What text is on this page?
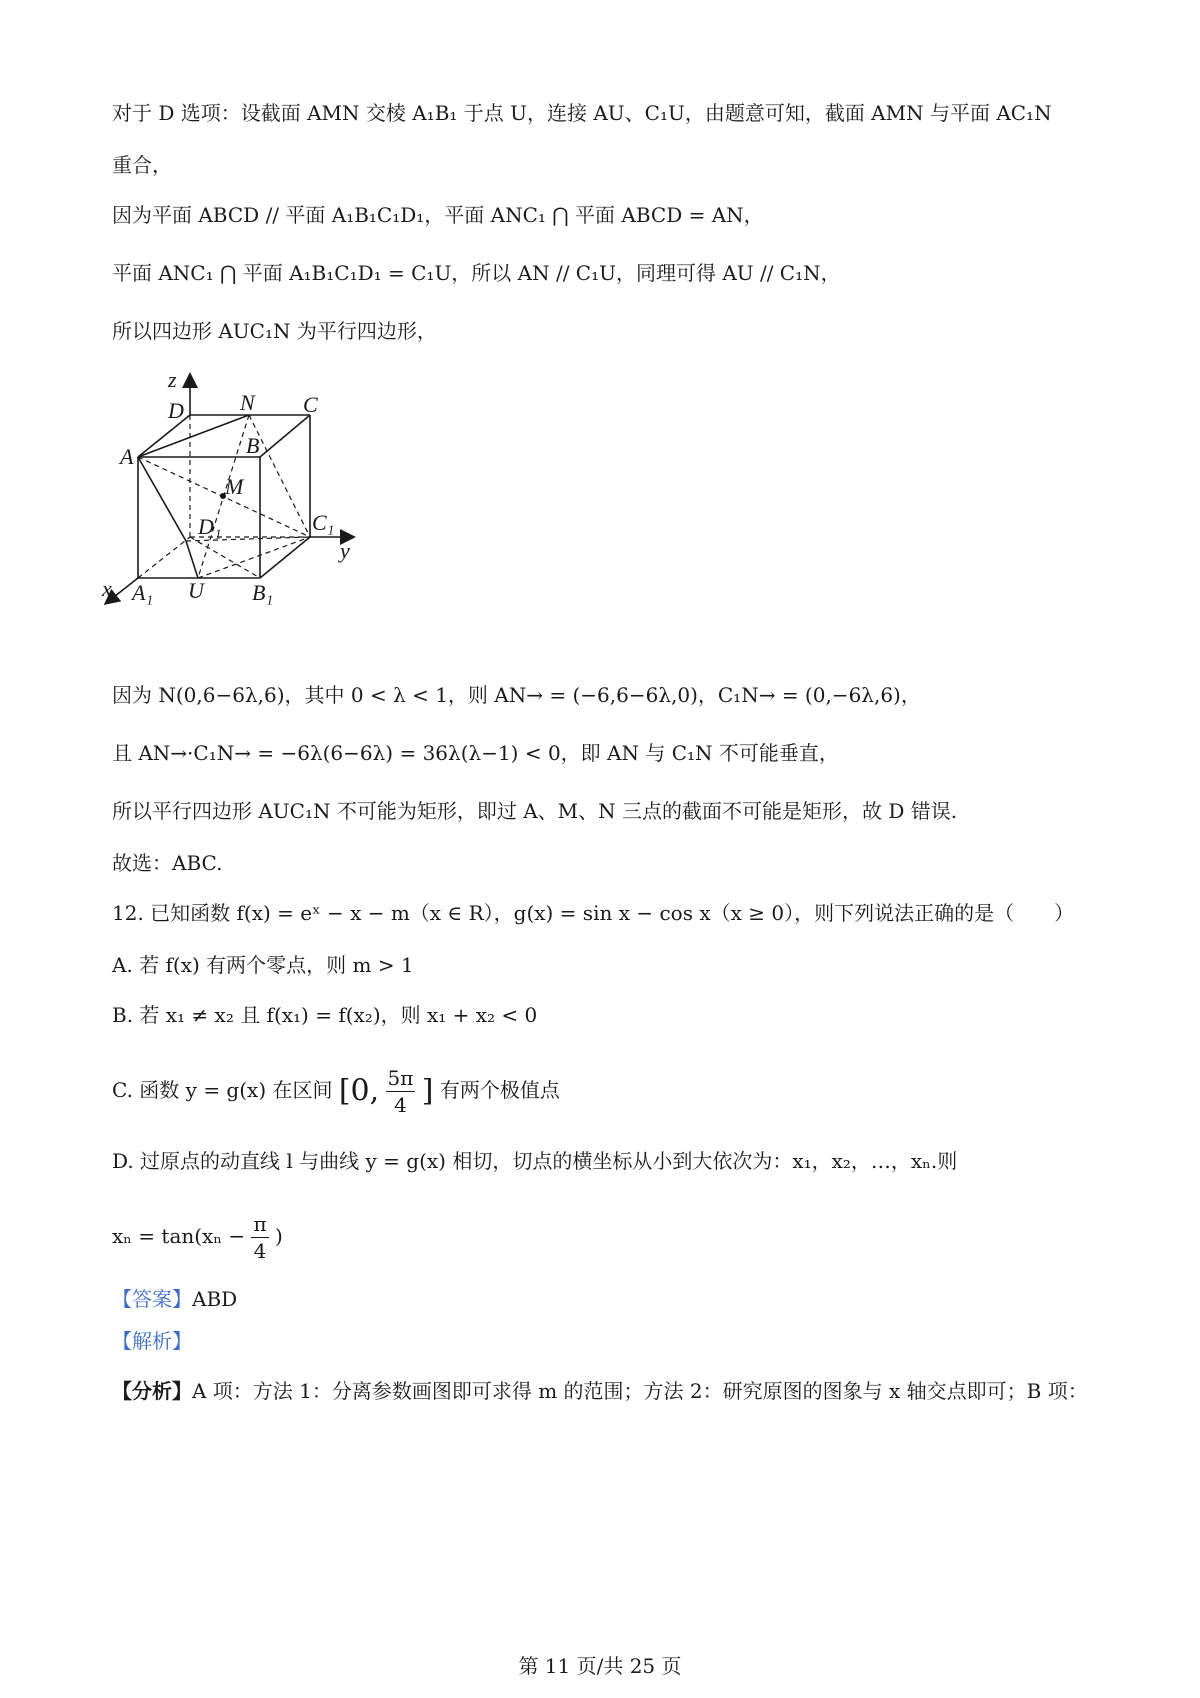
对于 D 选项：设截面 AMN 交棱 A₁B₁ 于点 U，连接 AU、C₁U，由题意可知，截面 AMN 与平面 AC₁N
重合，
因为平面 ABCD // 平面 A₁B₁C₁D₁，平面 ANC₁ ⋂ 平面 ABCD = AN，
平面 ANC₁ ⋂ 平面 A₁B₁C₁D₁ = C₁U，所以 AN // C₁U，同理可得 AU // C₁N，
所以四边形 AUC₁N 为平行四边形，
z
D	N C
B
A
M
D₁	C₁
y
x A₁ U B₁
因为 N(0,6−6λ,6)，其中 0 < λ < 1，则 AN→ = (−6,6−6λ,0)，C₁N→ = (0,−6λ,6)，
且 AN→·C₁N→ = −6λ(6−6λ) = 36λ(λ−1) < 0，即 AN 与 C₁N 不可能垂直，
所以平行四边形 AUC₁N 不可能为矩形，即过 A、M、N 三点的截面不可能是矩形，故 D 错误.
故选：ABC.
12. 已知函数 f(x) = eˣ − x − m（x ∈ R），g(x) = sin x − cos x（x ≥ 0），则下列说法正确的是（　　）
A. 若 f(x) 有两个零点，则 m > 1
B. 若 x₁ ≠ x₂ 且 f(x₁) = f(x₂)，则 x₁ + x₂ < 0
C. 函数 y = g(x) 在区间 [0, $\frac{5\pi}{4}$ ] 有两个极值点
D. 过原点的动直线 l 与曲线 y = g(x) 相切，切点的横坐标从小到大依次为：x₁，x₂，…，xₙ.则
$x_n = \tan(x_n - \frac{\pi}{4}$ )
【答案】ABD
【解析】
【分析】A 项：方法 1：分离参数画图即可求得 m 的范围；方法 2：研究原图的图象与 x 轴交点即可；B 项：
第 11 页/共 25 页
